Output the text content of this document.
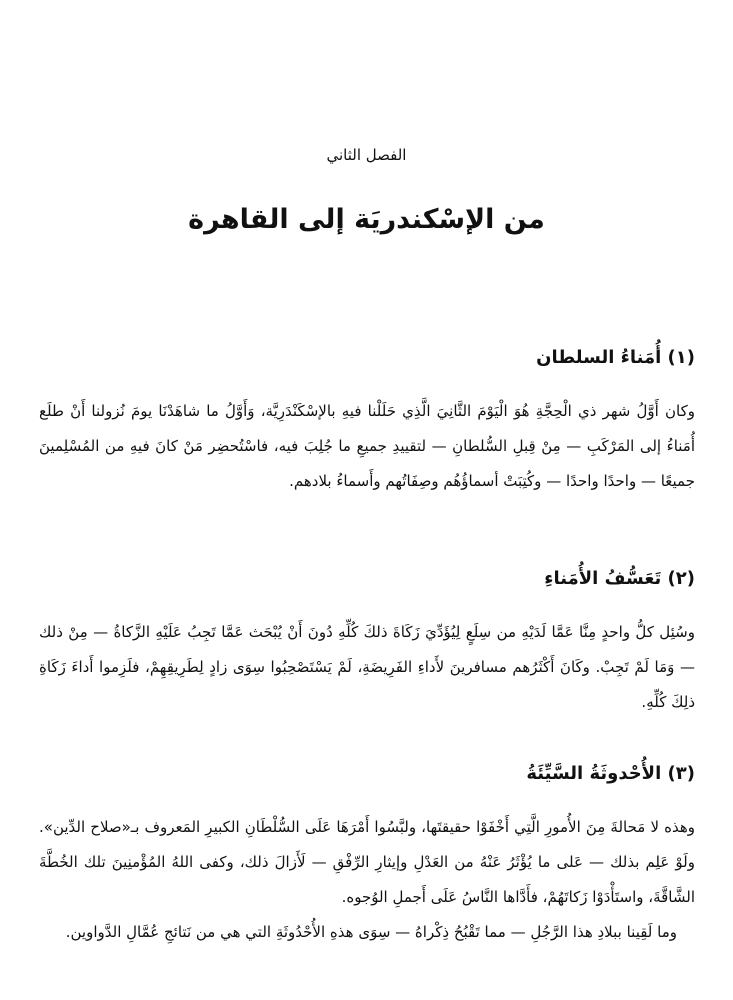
الفصل الثاني
من الإسْكندريَة إلى القاهرة
(١) أُمَناءُ السلطان

وكان أَوَّلُ شهر ذي الْحِجَّةِ هُوَ الْيَوْمَ الثَّانِيَ الَّذِي حَلَلْنا فيهِ بالإسْكَنْدَرِيَّة، وَأَوَّلُ ما شاهَدْنَا يومَ نُزولنا أَنْ طلَع أُمَناءُ إلى المَرْكَبِ — مِنْ قِبلِ السُّلطانِ — لتقييدِ جميعِ ما جُلِبَ فيه، فاسْتُحضِر مَنْ كانَ فيهِ من المُسْلِمينَ جميعًا — واحدًا واحدًا — وكُتِبَتْ أسماؤُهُم وصِفَاتُهم وأَسماءُ بلادهم.

(٢) تَعَسُّفُ الأُمَناءِ

وسُئِل كلُّ واحدٍ مِنَّا عَمَّا لَدَيْهِ من سِلَعٍ لِيُؤَدِّيَ زَكَاةَ ذلكَ كُلِّهِ دُونَ أَنْ يُبْحَث عَمَّا تَجِبُ عَلَيْهِ الزَّكاةُ — مِنْ ذلك — وَمَا لَمْ تَجِبْ. وكَانَ أَكْثَرُهم مسافرينَ لأَداءِ الفَرِيضَةِ، لَمْ يَسْتَصْحِبُوا سِوَى زادٍ لِطَرِيقِهِمْ، فلَزِموا أَداءَ زَكَاةِ ذلِكَ كُلِّهِ.

(٣) الأُحْدوثَةُ السَّيِّئَةُ

وهذه لا مَحالةَ مِنَ الأُمورِ الَّتِي أَخْفَوْا حقيقتَها، ولبَّسُوا أَمْرَهَا عَلَى السُّلْطَانِ الكبيرِ المَعروف بـ«صلاح الدِّين». ولَوْ عَلِم بذلك — عَلى ما يُؤْثَرُ عَنْهُ من العَدْلِ وإيثارِ الرِّفْقِ — لَأَزالَ ذلك، وكفى اللهُ المُؤْمنِينَ تلك الخُطَّةَ الشَّاقَّةَ، واستَأْدَوْا زَكاتَهُمْ، فأَدَّاها النَّاسُ عَلَى أَجملِ الوُجوه.

وما لَقِينا ببلادِ هذا الرَّجُلِ — مما تَقْبُحُ ذِكْراهُ — سِوَى هذهِ الأُحْدُوثَةِ التي هي من نَتائجِ عُمَّالِ الدَّواوين.
